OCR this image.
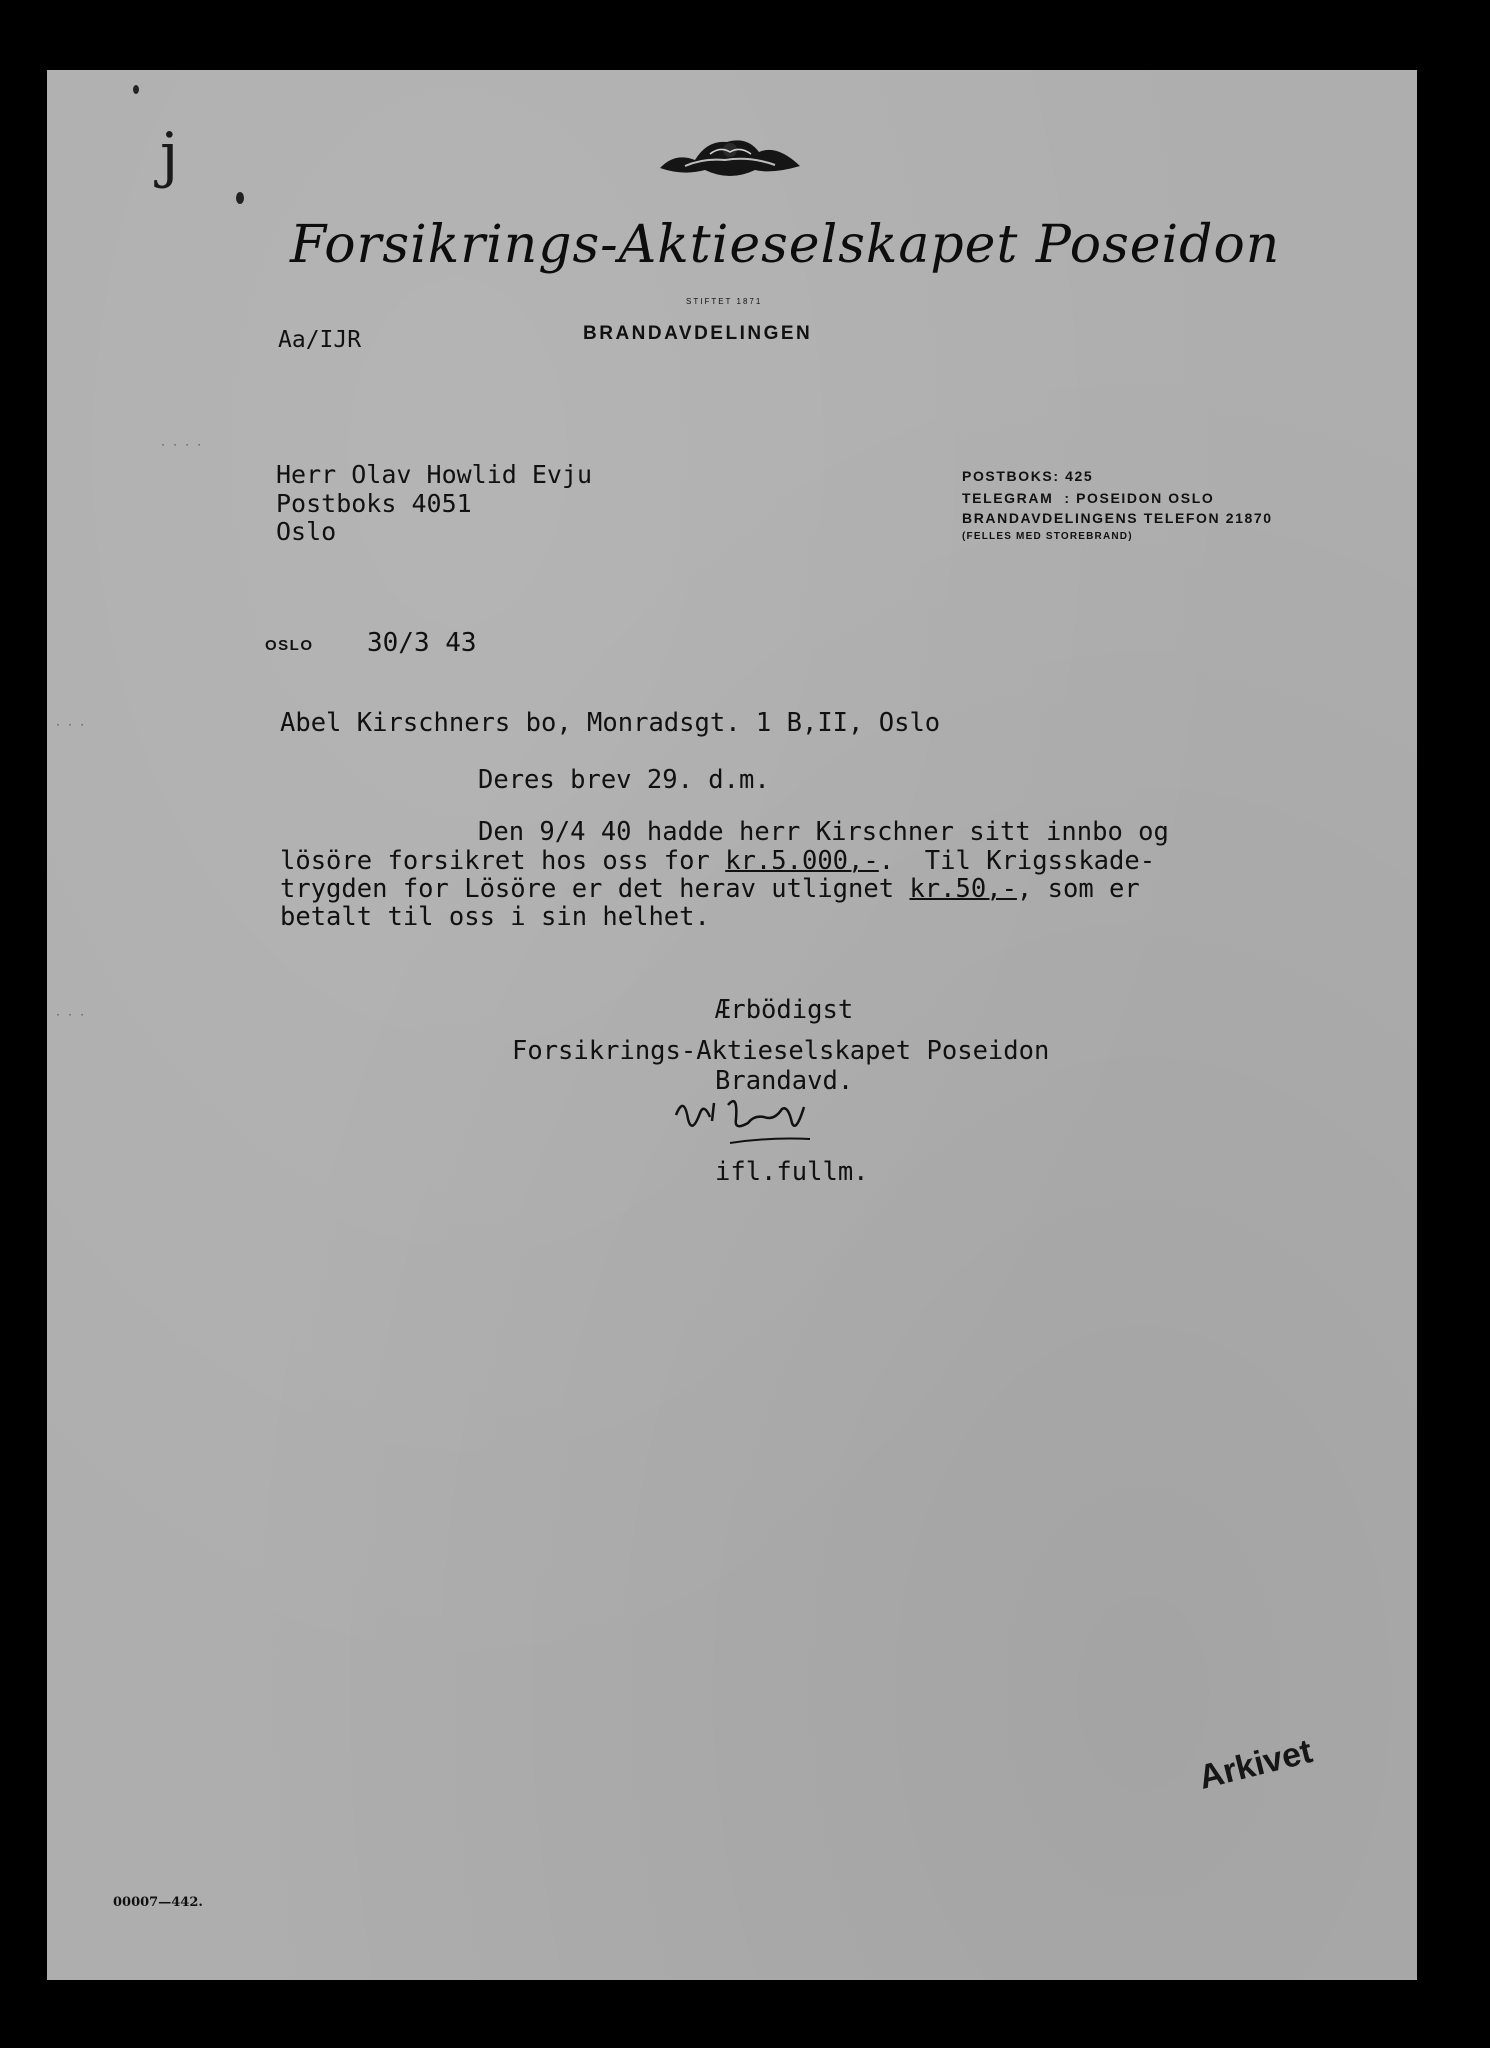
j
· · · ·
· · ·
· · ·
Forsikrings-Aktieselskapet Poseidon
STIFTET 1871
BRANDAVDELINGEN
Aa/IJR
Herr Olav Howlid Evju
Postboks 4051
Oslo
POSTBOKS: 425
TELEGRAM  : POSEIDON OSLO
BRANDAVDELINGENS TELEFON 21870
(FELLES MED STOREBRAND)
OSLO 30/3 43
Abel Kirschners bo, Monradsgt. 1 B,II, Oslo
Deres brev 29. d.m.
Den 9/4 40 hadde herr Kirschner sitt innbo og
lösöre forsikret hos oss for kr.5.000,-.  Til Krigsskade-
trygden for Lösöre er det herav utlignet kr.50,-, som er
betalt til oss i sin helhet.
Ærbödigst
Forsikrings-Aktieselskapet Poseidon
Brandavd.
ifl.fullm.
Arkivet
00007—442.
